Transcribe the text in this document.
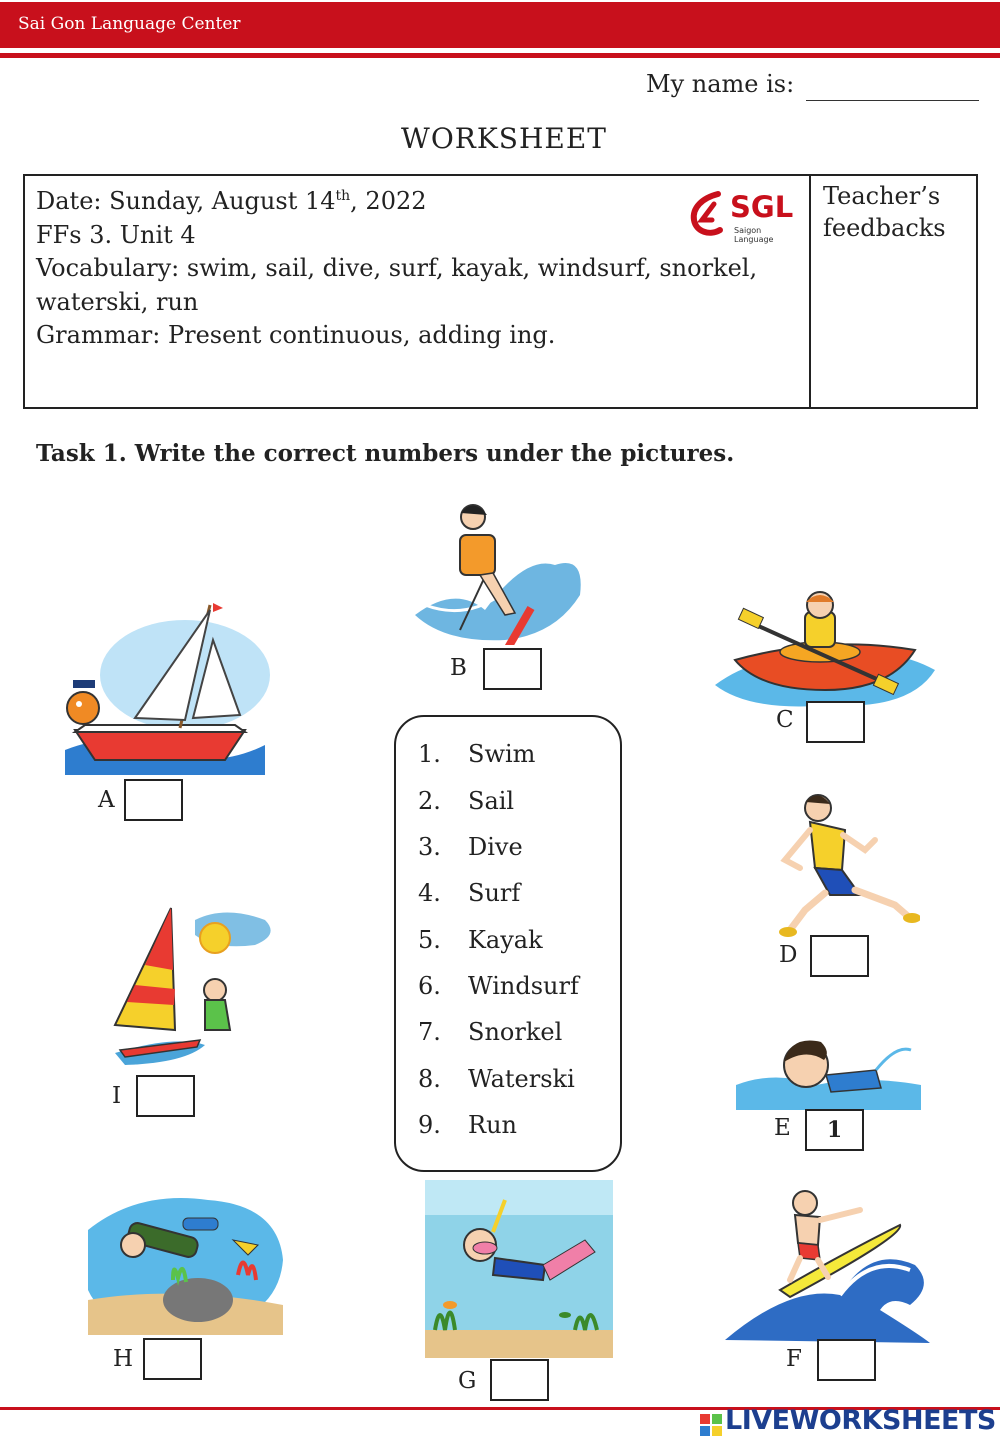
Sai Gon Language Center
My name is:
WORKSHEET
Date: Sunday, August 14th, 2022
FFs 3. Unit 4
Vocabulary: swim, sail, dive, surf, kayak, windsurf, snorkel,
waterski, run
Grammar: Present continuous, adding ing.
SGL
Saigon Language
Teacher’s
feedbacks
Task 1. Write the correct numbers under the pictures.
1. Swim
2. Sail
3. Dive
4. Surf
5. Kayak
6. Windsurf
7. Snorkel
8. Waterski
9. Run
A
B
C
D
I
E	1
H
G
F
LIVEWORKSHEETS
